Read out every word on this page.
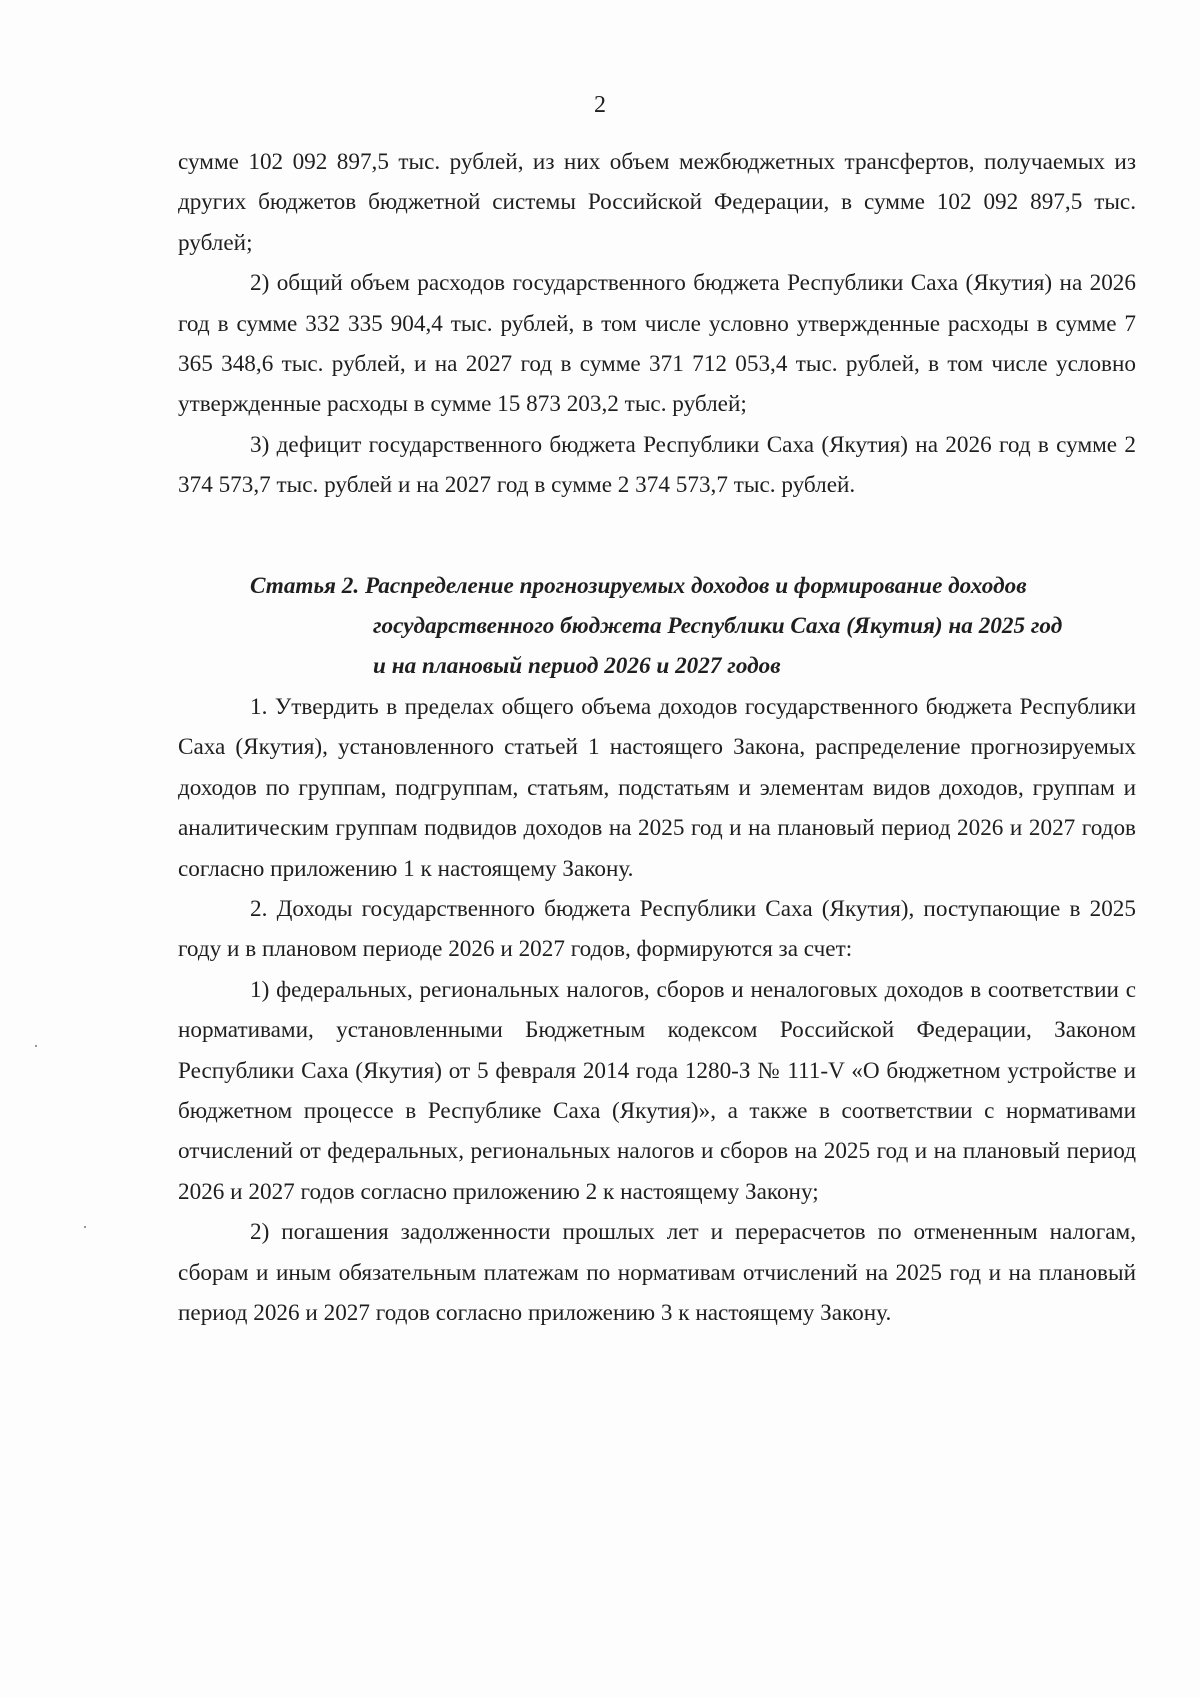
2

сумме 102 092 897,5 тыс. рублей, из них объем межбюджетных трансфертов, получаемых из других бюджетов бюджетной системы Российской Федерации, в сумме 102 092 897,5 тыс. рублей;

2) общий объем расходов государственного бюджета Республики Саха (Якутия) на 2026 год в сумме 332 335 904,4 тыс. рублей, в том числе условно утвержденные расходы в сумме 7 365 348,6 тыс. рублей, и на 2027 год в сумме 371 712 053,4 тыс. рублей, в том числе условно утвержденные расходы в сумме 15 873 203,2 тыс. рублей;

3) дефицит государственного бюджета Республики Саха (Якутия) на 2026 год в сумме 2 374 573,7 тыс. рублей и на 2027 год в сумме 2 374 573,7 тыс. рублей.

Статья 2. Распределение прогнозируемых доходов и формирование доходов
государственного бюджета Республики Саха (Якутия) на 2025 год
и на плановый период 2026 и 2027 годов

1. Утвердить в пределах общего объема доходов государственного бюджета Республики Саха (Якутия), установленного статьей 1 настоящего Закона, распределение прогнозируемых доходов по группам, подгруппам, статьям, подстатьям и элементам видов доходов, группам и аналитическим группам подвидов доходов на 2025 год и на плановый период 2026 и 2027 годов согласно приложению 1 к настоящему Закону.

2. Доходы государственного бюджета Республики Саха (Якутия), поступающие в 2025 году и в плановом периоде 2026 и 2027 годов, формируются за счет:

1) федеральных, региональных налогов, сборов и неналоговых доходов в соответствии с нормативами, установленными Бюджетным кодексом Российской Федерации, Законом Республики Саха (Якутия) от 5 февраля 2014 года 1280-З № 111-V «О бюджетном устройстве и бюджетном процессе в Республике Саха (Якутия)», а также в соответствии с нормативами отчислений от федеральных, региональных налогов и сборов на 2025 год и на плановый период 2026 и 2027 годов согласно приложению 2 к настоящему Закону;

2) погашения задолженности прошлых лет и перерасчетов по отмененным налогам, сборам и иным обязательным платежам по нормативам отчислений на 2025 год и на плановый период 2026 и 2027 годов согласно приложению 3 к настоящему Закону.
